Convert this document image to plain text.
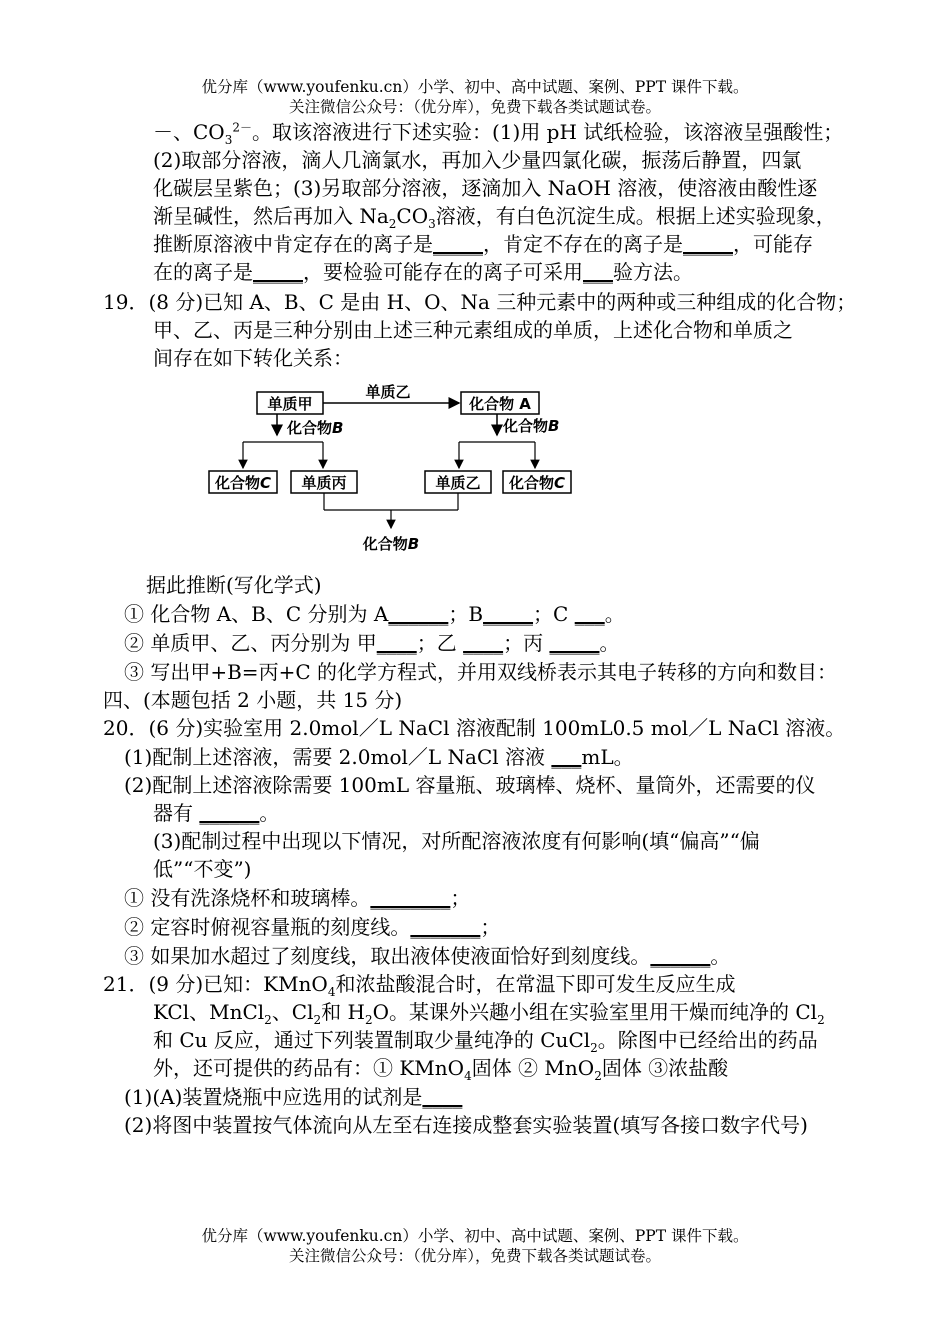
优分库（www.youfenku.cn）小学、初中、高中试题、案例、PPT 课件下载。
关注微信公众号：（优分库），免费下载各类试题试卷。
－、$CO_3^{2-}$。取该溶液进行下述实验：(1)用 pH 试纸检验，该溶液呈强酸性；
(2)取部分溶液，滴人几滴氯水，再加入少量四氯化碳，振荡后静置，四氯
化碳层呈紫色；(3)另取部分溶液，逐滴加入 NaOH 溶液，使溶液由酸性逐
渐呈碱性，然后再加入 $Na_2CO_3$溶液，有白色沉淀生成。根据上述实验现象，
推断原溶液中肯定存在的离子是_____，肯定不存在的离子是_____，可能存
在的离子是_____，要检验可能存在的离子可采用___验方法。
19．(8 分)已知 A、B、C 是由 H、O、Na 三种元素中的两种或三种组成的化合物；
甲、乙、丙是三种分别由上述三种元素组成的单质，上述化合物和单质之
间存在如下转化关系：
单质甲	化合物 A
单质乙
化合物B
化合物C 单质丙
化合物B
单质乙 化合物C
化合物B
据此推断(写化学式)
① 化合物 A、B、C 分别为 A______；B_____；C ___。
② 单质甲、乙、丙分别为 甲____；乙 ____；丙 _____。
③ 写出甲+B=丙+C 的化学方程式，并用双线桥表示其电子转移的方向和数目：
四、(本题包括 2 小题，共 15 分)
20．(6 分)实验室用 2.0mol／L NaCl 溶液配制 100mL0.5 mol／L NaCl 溶液。
(1)配制上述溶液，需要 2.0mol／L NaCl 溶液 ___mL。
(2)配制上述溶液除需要 100mL 容量瓶、玻璃棒、烧杯、量筒外，还需要的仪
器有 ______。
(3)配制过程中出现以下情况，对所配溶液浓度有何影响(填“偏高”“偏
低”“不变”)
① 没有洗涤烧杯和玻璃棒。________；
② 定容时俯视容量瓶的刻度线。_______；
③ 如果加水超过了刻度线，取出液体使液面恰好到刻度线。______。
21．(9 分)已知：KMnO$_4$和浓盐酸混合时，在常温下即可发生反应生成
KCl、MnCl$_2$、$Cl_2$和 $H_2O$。某课外兴趣小组在实验室里用干燥而纯净的 $Cl_2$
和 Cu 反应，通过下列装置制取少量纯净的 CuCl$_2$。除图中已经给出的药品
外，还可提供的药品有：① KMnO$_4$固体 ② MnO$_2$固体 ③浓盐酸
(1)(A)装置烧瓶中应选用的试剂是____
(2)将图中装置按气体流向从左至右连接成整套实验装置(填写各接口数字代号)
优分库（www.youfenku.cn）小学、初中、高中试题、案例、PPT 课件下载。
关注微信公众号：（优分库），免费下载各类试题试卷。
